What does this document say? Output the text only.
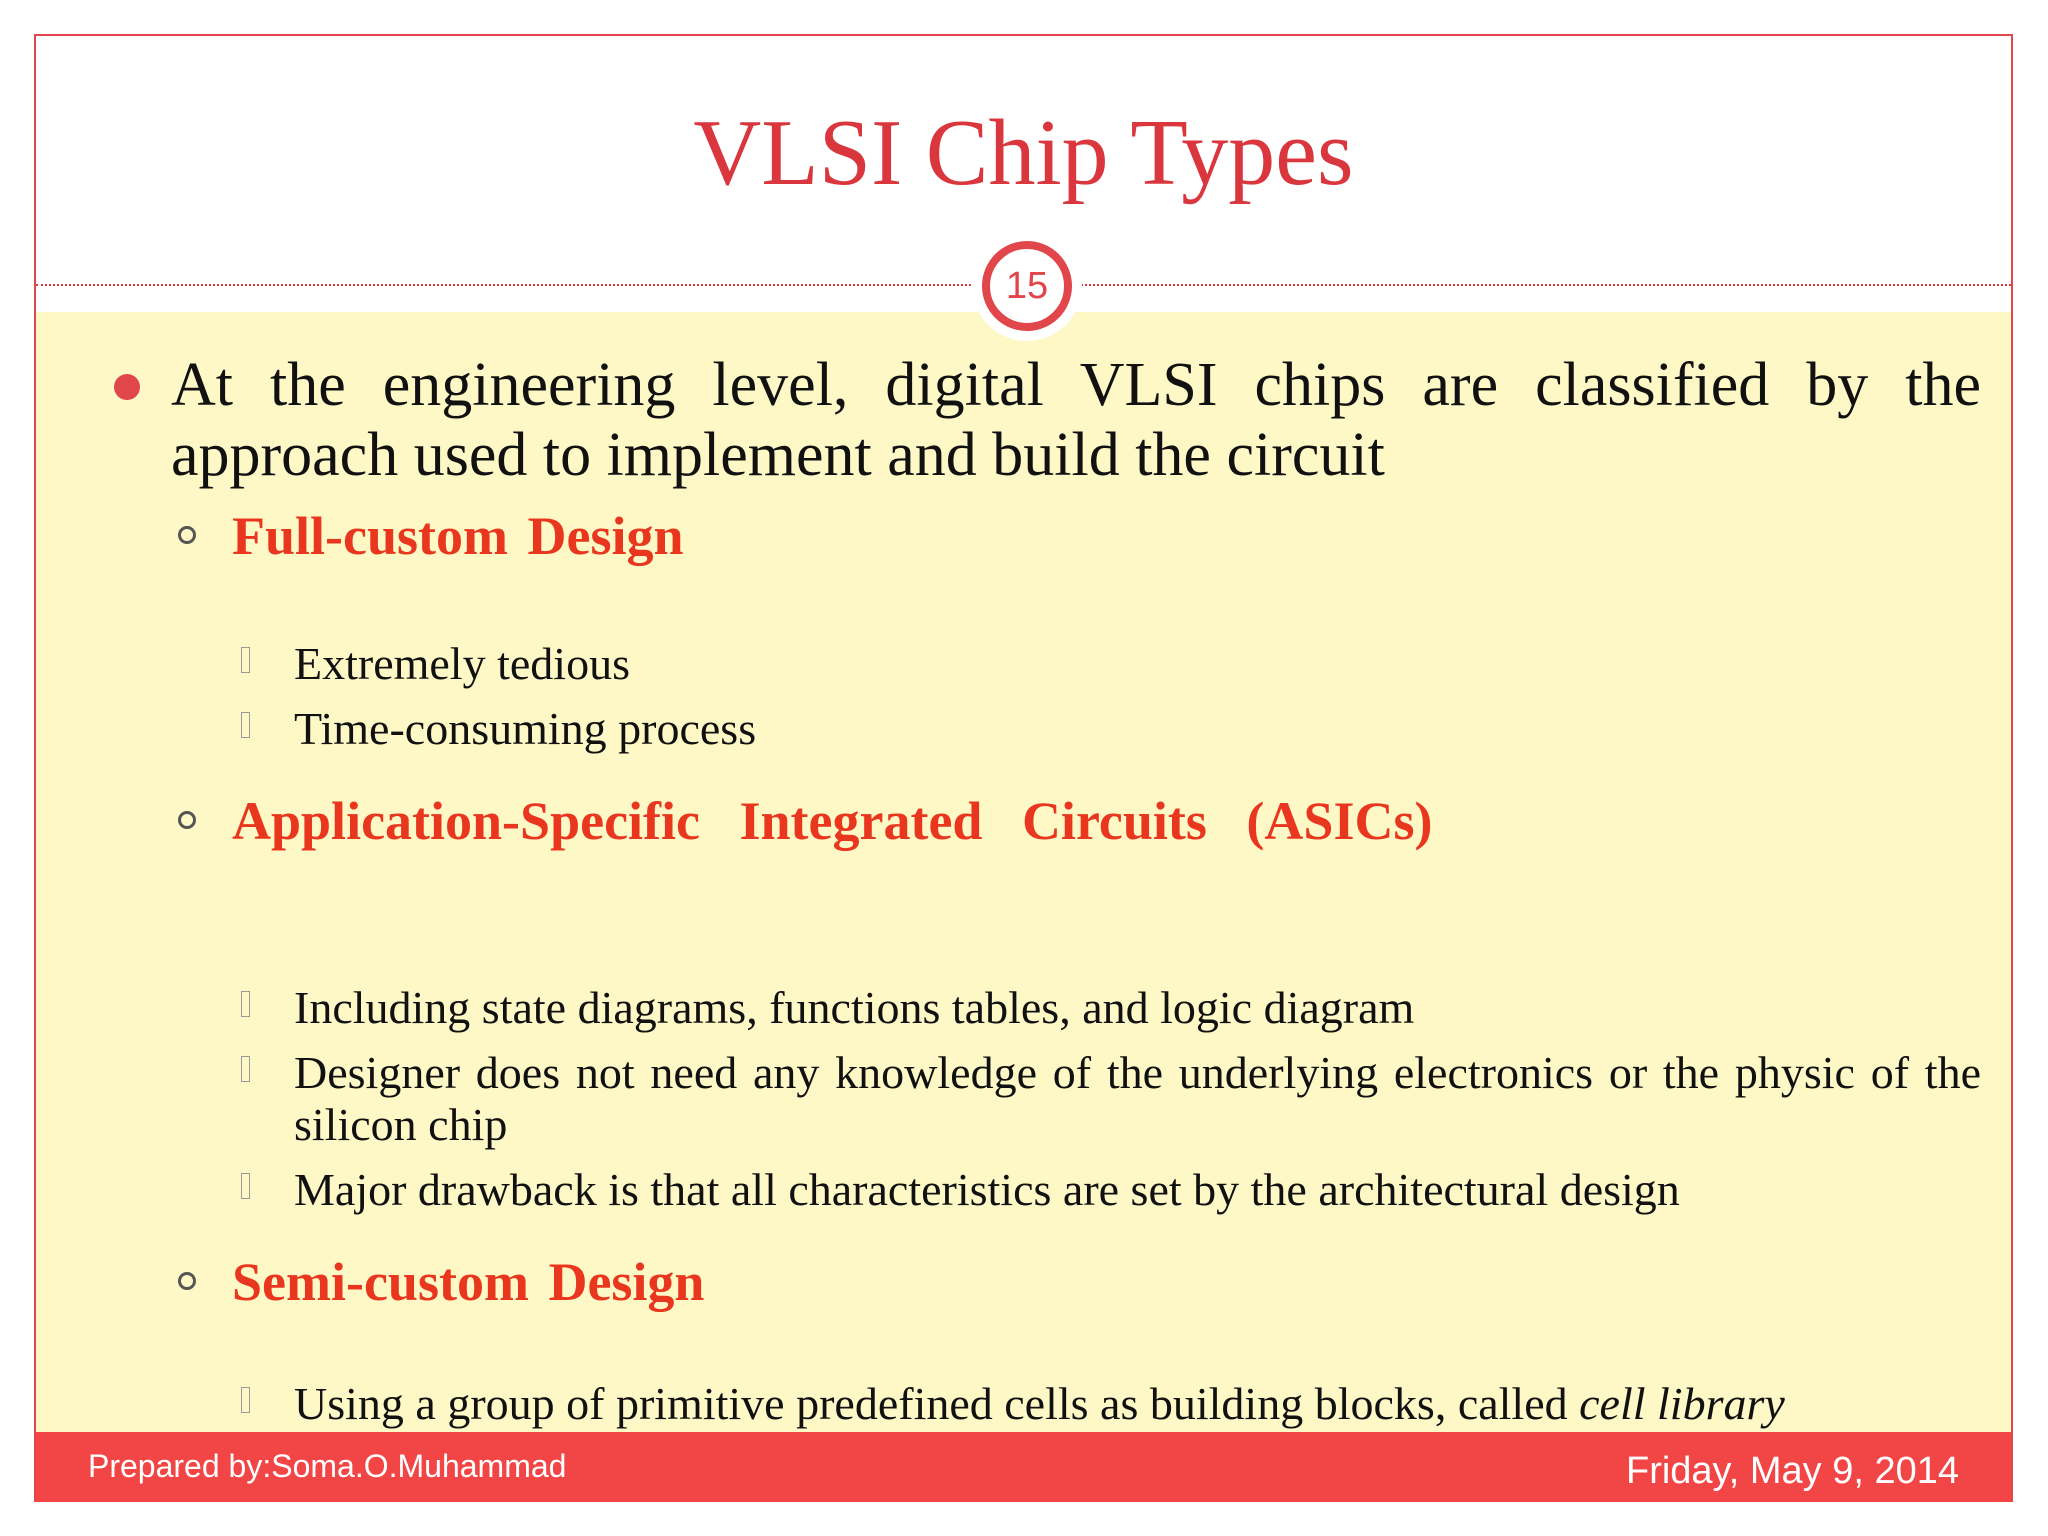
VLSI Chip Types
15
At the engineering level, digital VLSI chips are classified by the approach used to implement and build the circuit
Full-custom Design
Extremely tedious
Time-consuming process
Application-Specific Integrated Circuits (ASICs)
Including state diagrams, functions tables, and logic diagram
Designer does not need any knowledge of the underlying electronics or the physic of the silicon chip
Major drawback is that all characteristics are set by the architectural design
Semi-custom Design
Using a group of primitive predefined cells as building blocks, called cell library
Prepared by:Soma.O.Muhammad	Friday, May 9, 2014
